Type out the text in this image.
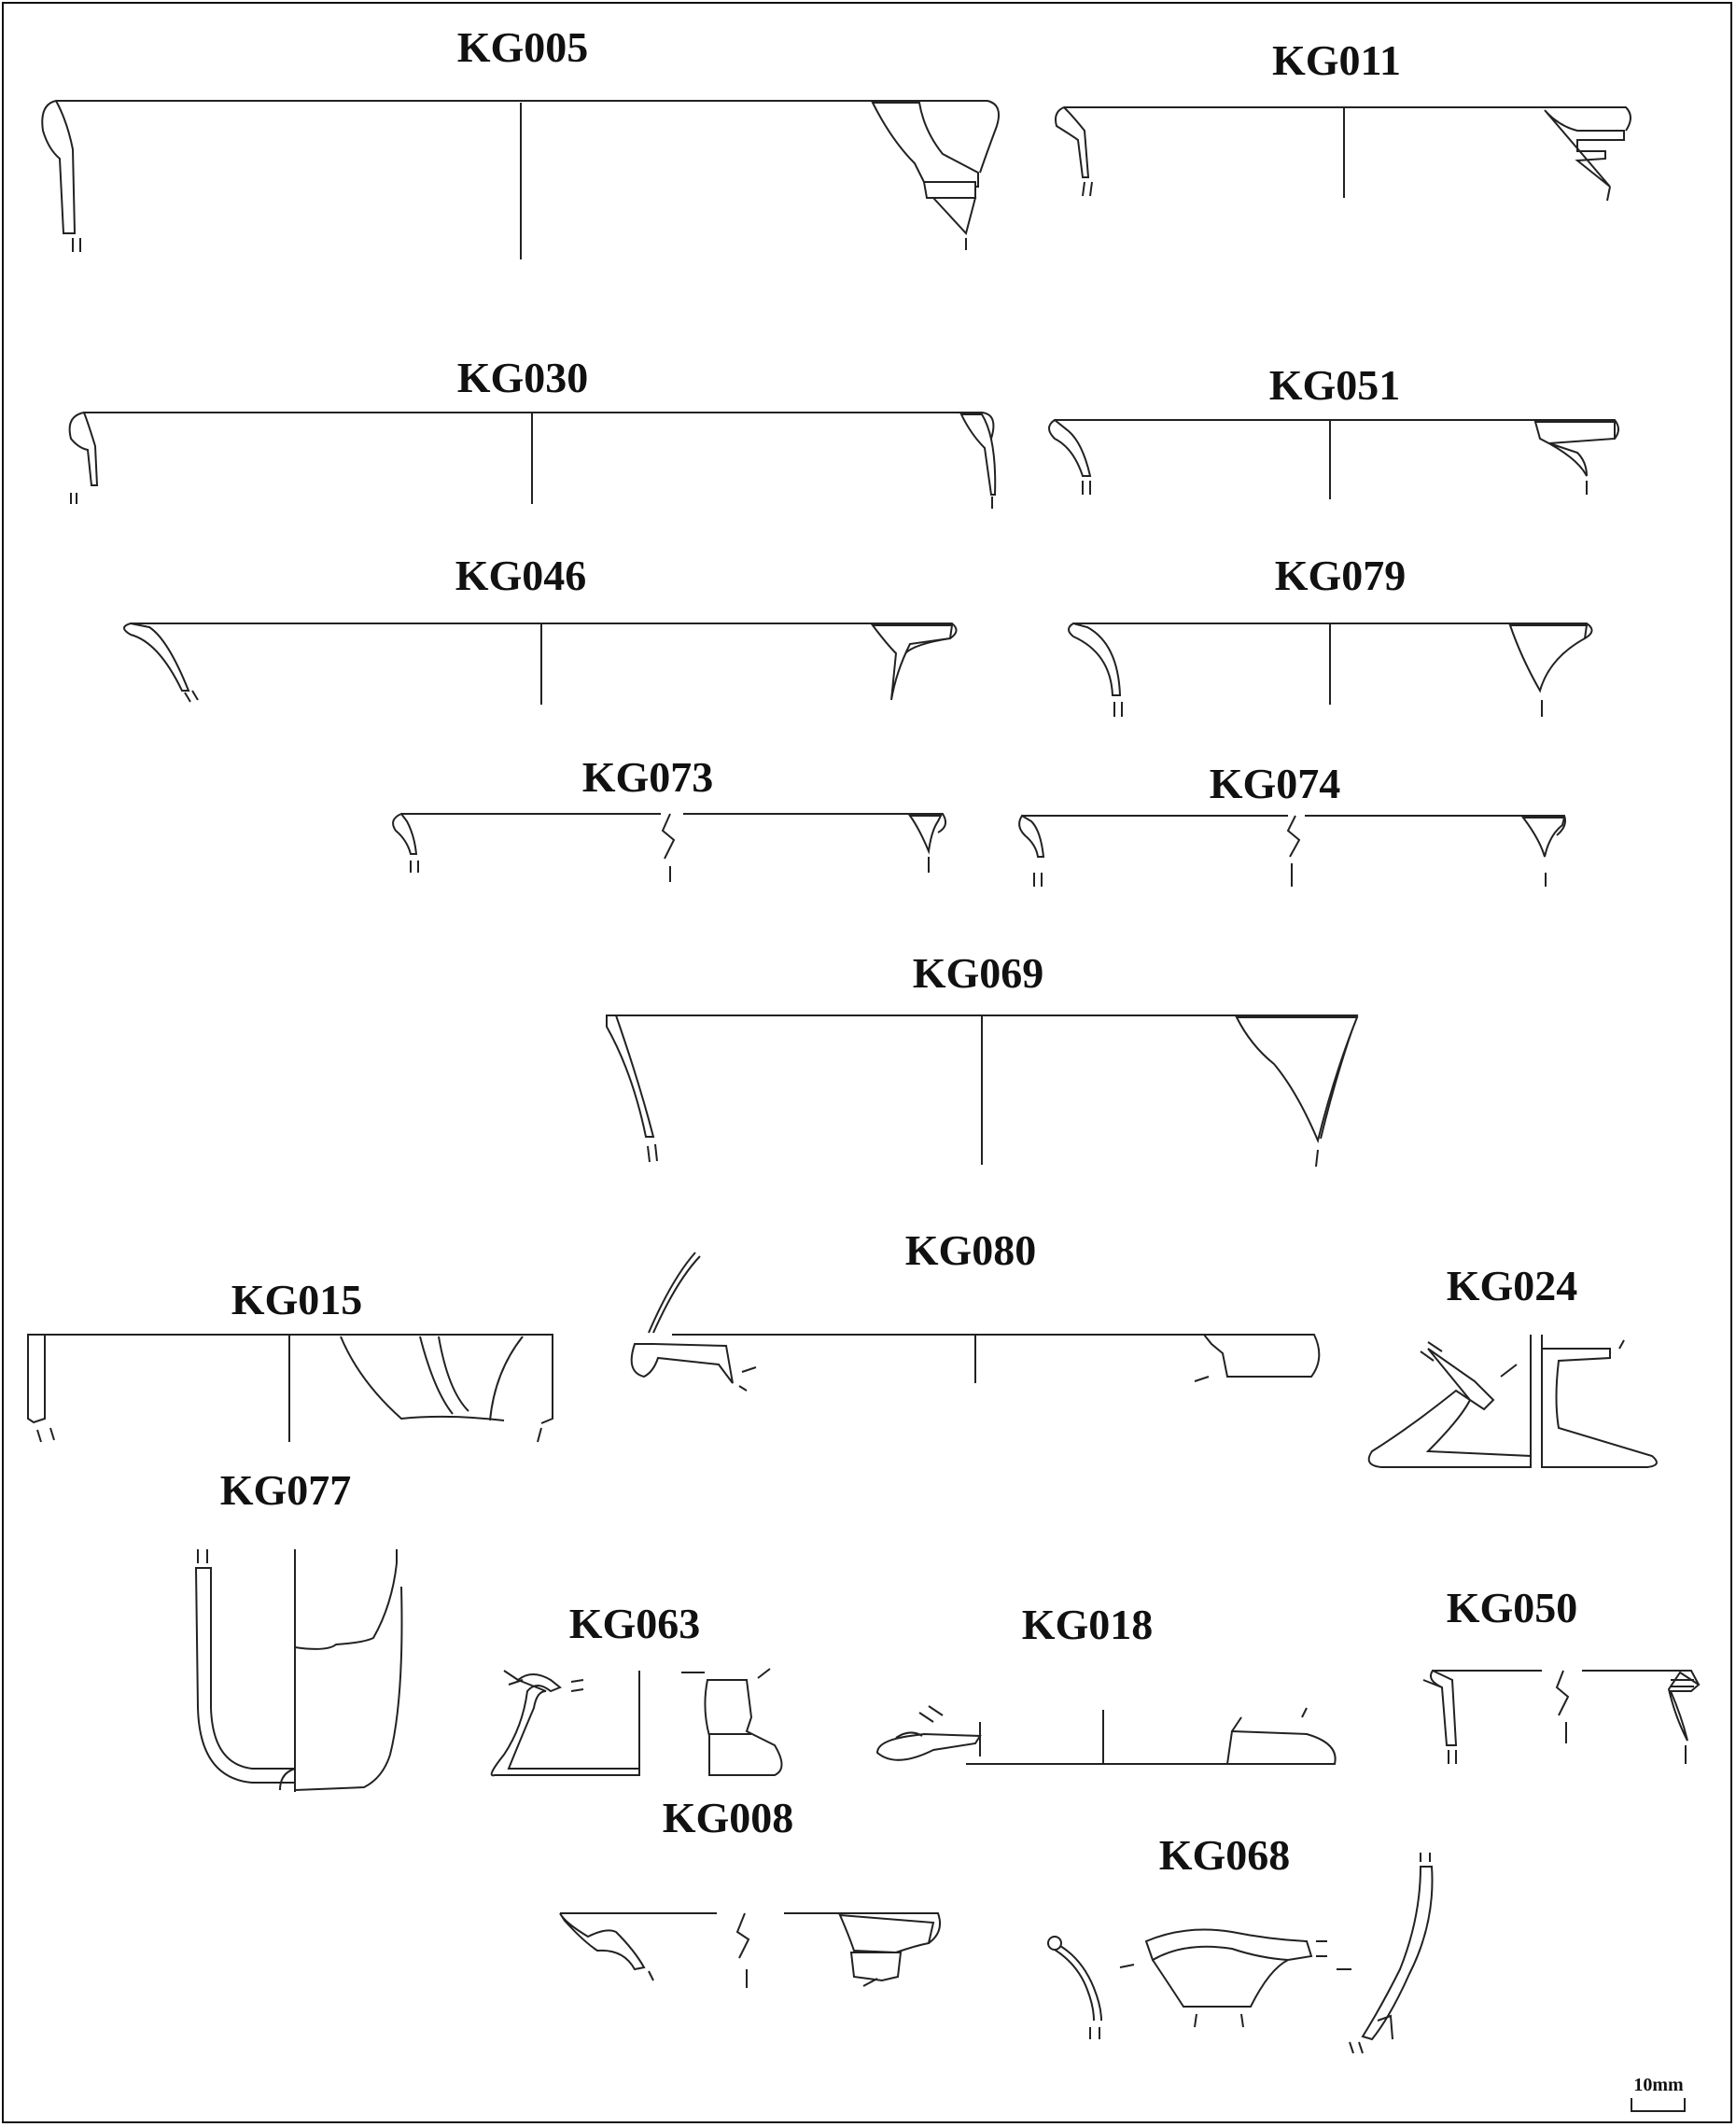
KG005	KG011
KG030	KG051
KG046	KG079
KG073	KG074
KG069
KG080
KG015	KG024
KG077
KG063	KG018	KG050
KG008
KG068
10mm
